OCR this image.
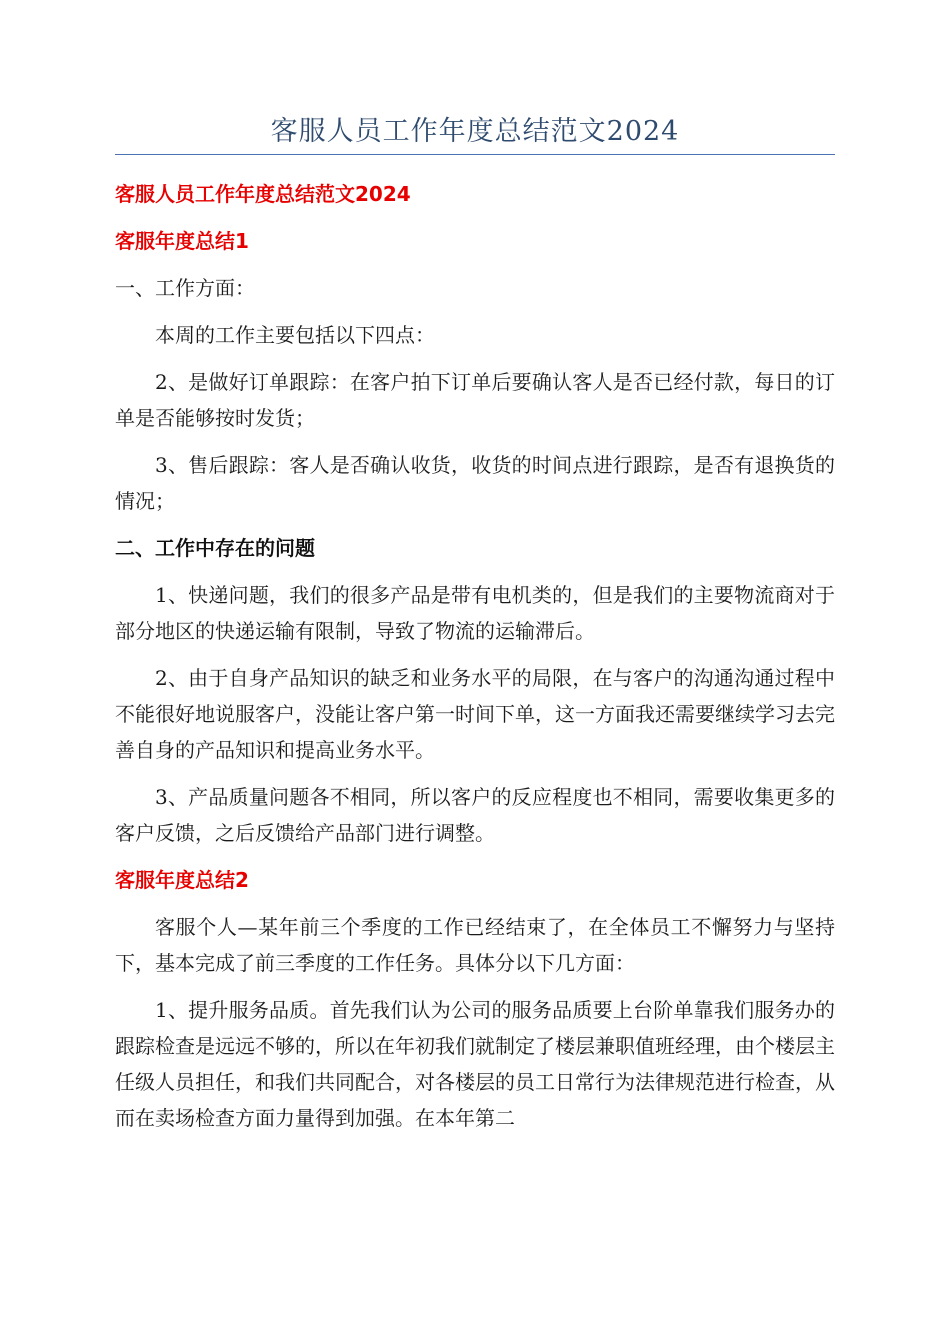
客服人员工作年度总结范文2024
客服人员工作年度总结范文2024
客服年度总结1
一、工作方面：
本周的工作主要包括以下四点：
2、是做好订单跟踪：在客户拍下订单后要确认客人是否已经付款，每日的订单是否能够按时发货；
3、售后跟踪：客人是否确认收货，收货的时间点进行跟踪，是否有退换货的情况；
二、工作中存在的问题
1、快递问题，我们的很多产品是带有电机类的，但是我们的主要物流商对于部分地区的快递运输有限制，导致了物流的运输滞后。
2、由于自身产品知识的缺乏和业务水平的局限，在与客户的沟通沟通过程中不能很好地说服客户，没能让客户第一时间下单，这一方面我还需要继续学习去完善自身的产品知识和提高业务水平。
3、产品质量问题各不相同，所以客户的反应程度也不相同，需要收集更多的客户反馈，之后反馈给产品部门进行调整。
客服年度总结2
客服个人—某年前三个季度的工作已经结束了，在全体员工不懈努力与坚持下，基本完成了前三季度的工作任务。具体分以下几方面：
1、提升服务品质。首先我们认为公司的服务品质要上台阶单靠我们服务办的跟踪检查是远远不够的，所以在年初我们就制定了楼层兼职值班经理，由个楼层主任级人员担任，和我们共同配合，对各楼层的员工日常行为法律规范进行检查，从而在卖场检查方面力量得到加强。在本年第二
